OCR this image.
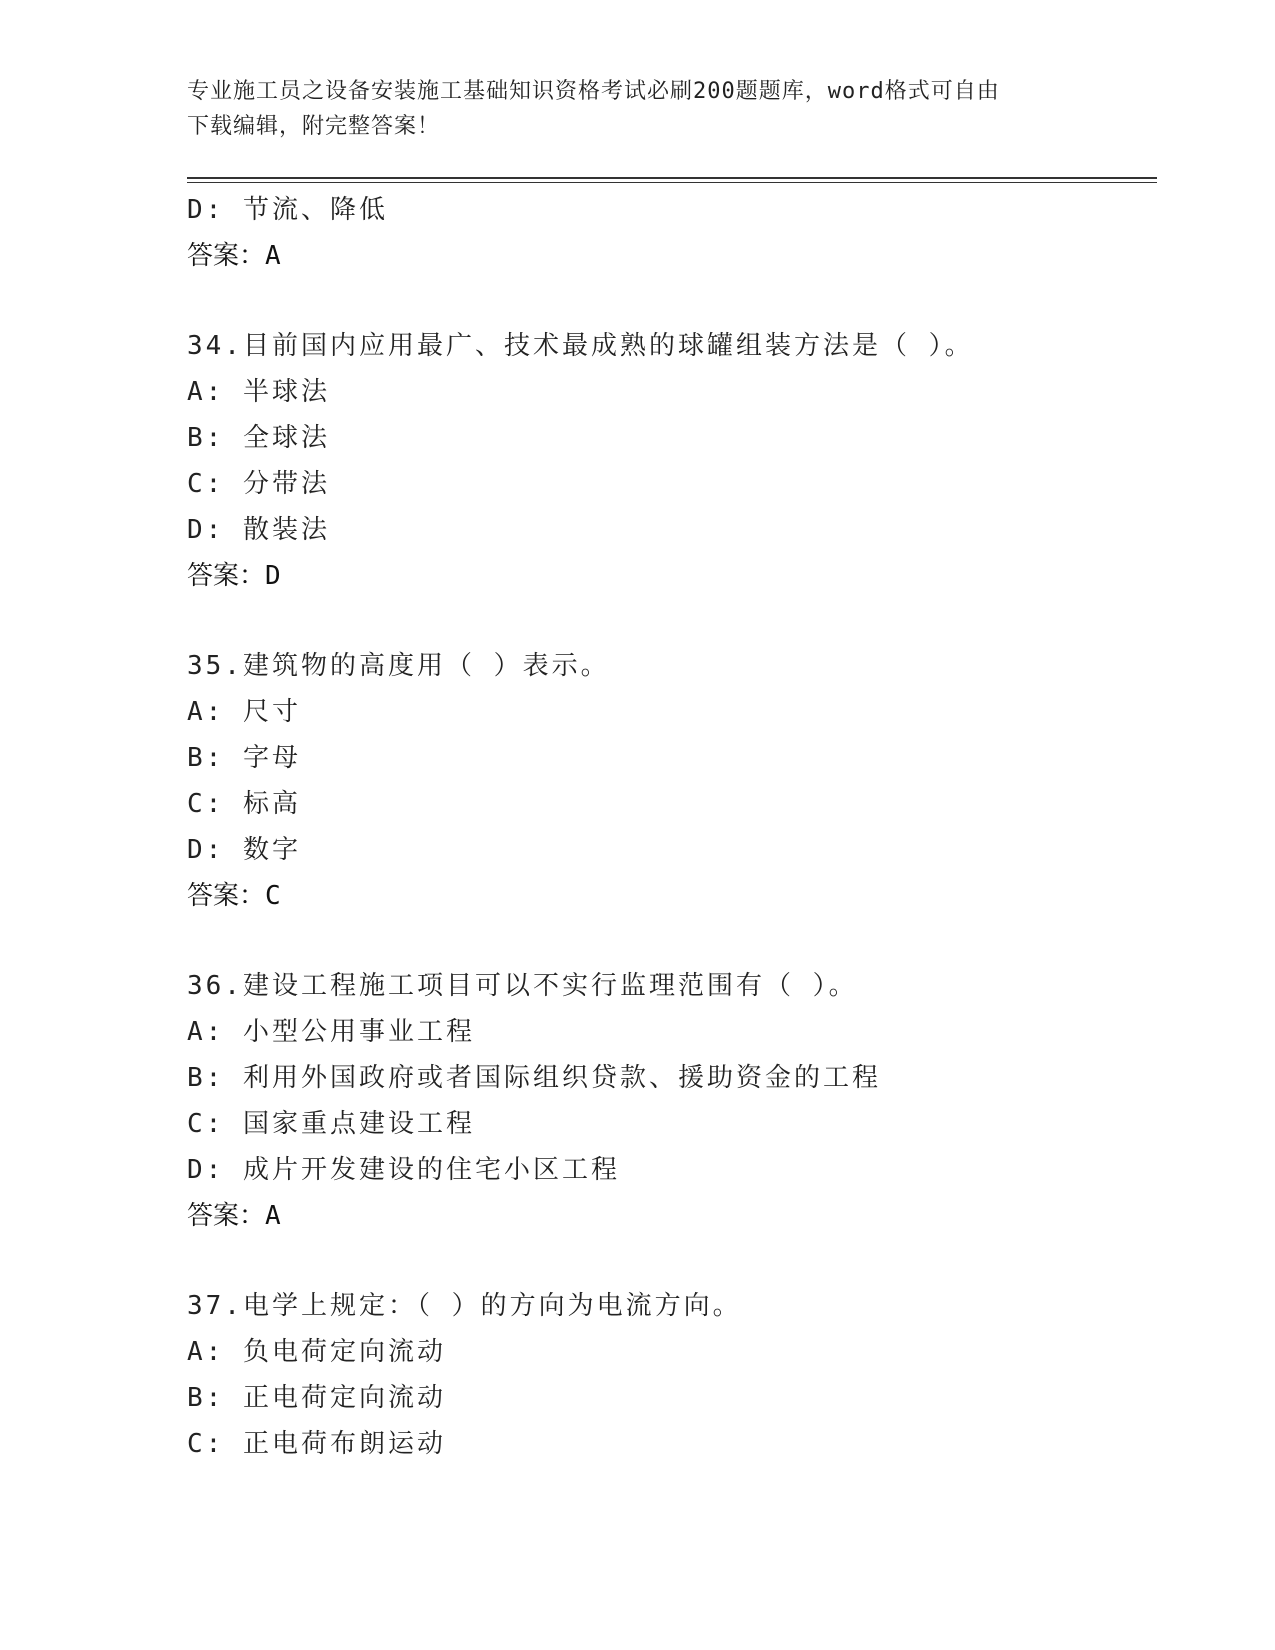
专业施工员之设备安装施工基础知识资格考试必刷200题题库，word格式可自由
下载编辑，附完整答案！
D: 节流、降低
答案：A
34.目前国内应用最广、技术最成熟的球罐组装方法是（ ）。
A: 半球法
B: 全球法
C: 分带法
D: 散装法
答案：D
35.建筑物的高度用（ ）表示。
A: 尺寸
B: 字母
C: 标高
D: 数字
答案：C
36.建设工程施工项目可以不实行监理范围有（ ）。
A: 小型公用事业工程
B: 利用外国政府或者国际组织贷款、援助资金的工程
C: 国家重点建设工程
D: 成片开发建设的住宅小区工程
答案：A
37.电学上规定：（ ）的方向为电流方向。
A: 负电荷定向流动
B: 正电荷定向流动
C: 正电荷布朗运动
